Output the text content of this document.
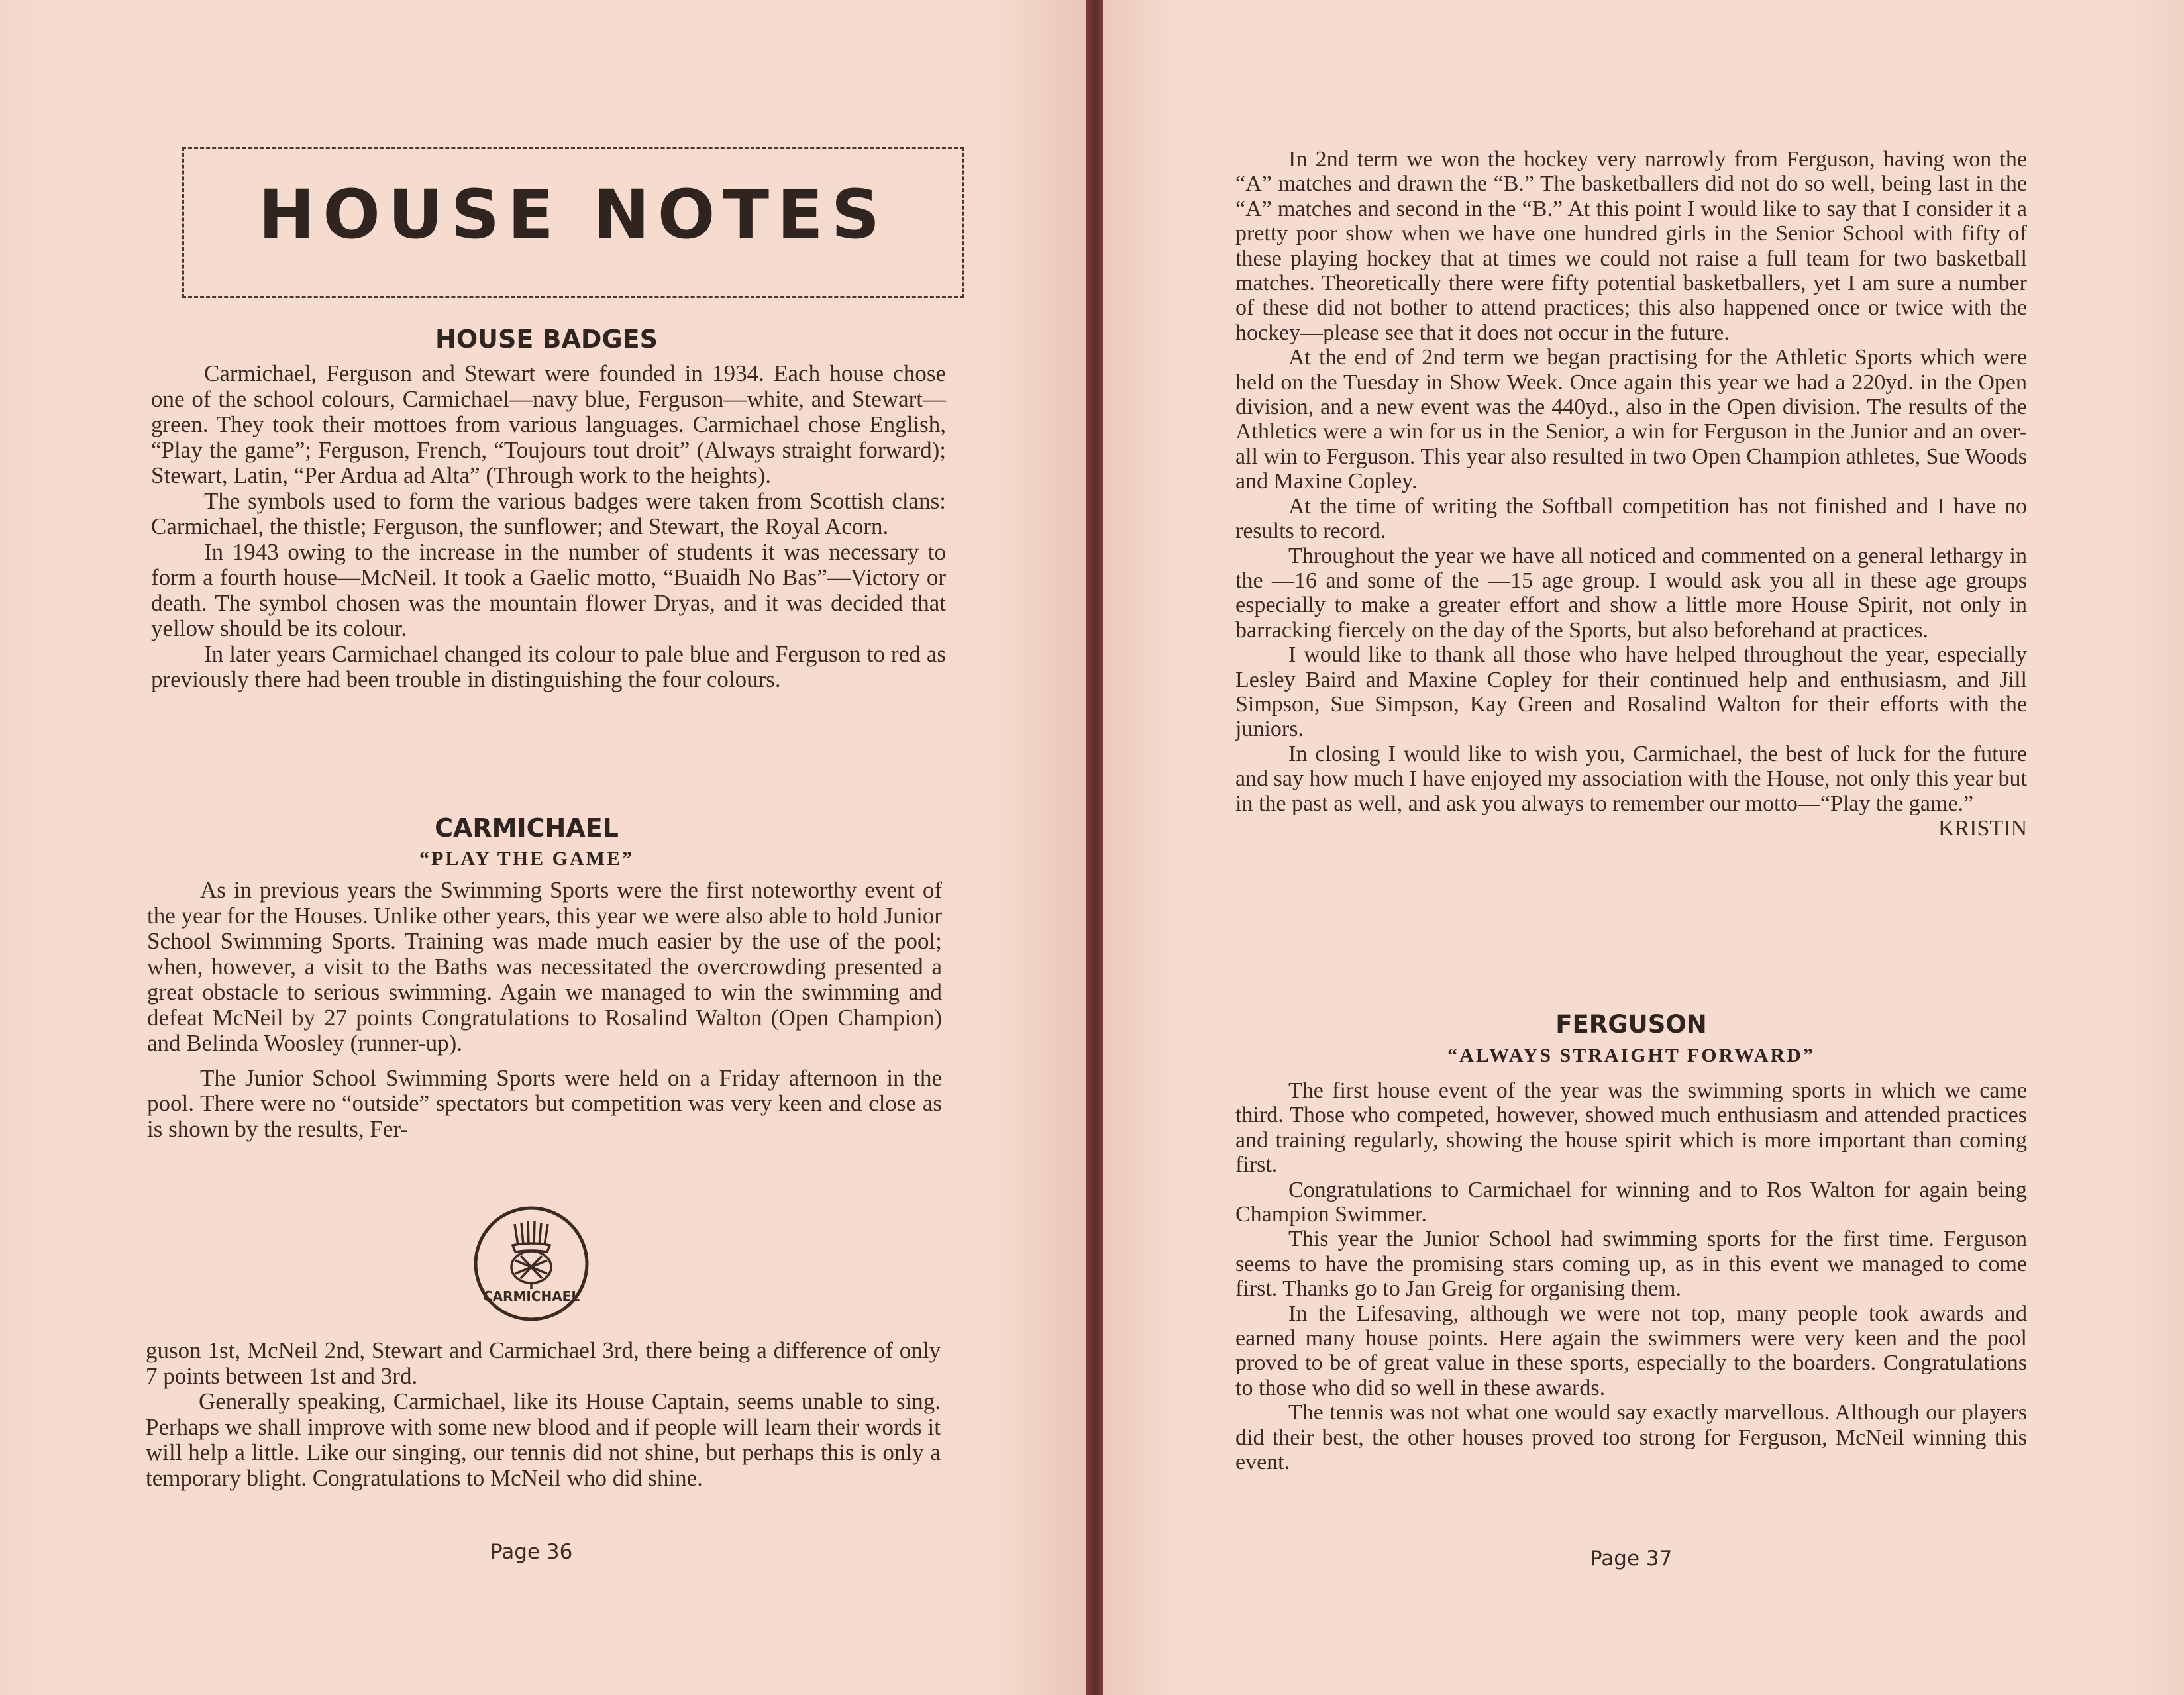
HOUSE NOTES
HOUSE BADGES

Carmichael, Ferguson and Stewart were founded in 1934. Each house chose one of the school colours, Carmichael—navy blue, Ferguson—white, and Stewart—green. They took their mottoes from various languages. Carmichael chose English, “Play the game”; Ferguson, French, “Toujours tout droit” (Always straight forward); Stewart, Latin, “Per Ardua ad Alta” (Through work to the heights).

The symbols used to form the various badges were taken from Scottish clans: Carmichael, the thistle; Ferguson, the sunflower; and Stewart, the Royal Acorn.

In 1943 owing to the increase in the number of students it was necessary to form a fourth house—McNeil. It took a Gaelic motto, “Buaidh No Bas”—Victory or death. The symbol chosen was the mountain flower Dryas, and it was decided that yellow should be its colour.

In later years Carmichael changed its colour to pale blue and Ferguson to red as previously there had been trouble in distinguishing the four colours.

CARMICHAEL
“PLAY THE GAME”

As in previous years the Swimming Sports were the first noteworthy event of the year for the Houses. Unlike other years, this year we were also able to hold Junior School Swimming Sports. Training was made much easier by the use of the pool; when, however, a visit to the Baths was necessitated the overcrowding presented a great obstacle to serious swimming. Again we managed to win the swimming and defeat McNeil by 27 points Congratulations to Rosalind Walton (Open Champion) and Belinda Woosley (runner-up).

The Junior School Swimming Sports were held on a Friday afternoon in the pool. There were no “outside” spectators but competition was very keen and close as is shown by the results, Fer-

CARMICHAEL

guson 1st, McNeil 2nd, Stewart and Carmichael 3rd, there being a difference of only 7 points between 1st and 3rd.

Generally speaking, Carmichael, like its House Captain, seems unable to sing. Perhaps we shall improve with some new blood and if people will learn their words it will help a little. Like our singing, our tennis did not shine, but perhaps this is only a temporary blight. Congratulations to McNeil who did shine.

Page 36

In 2nd term we won the hockey very narrowly from Ferguson, having won the “A” matches and drawn the “B.” The basketballers did not do so well, being last in the “A” matches and second in the “B.” At this point I would like to say that I consider it a pretty poor show when we have one hundred girls in the Senior School with fifty of these playing hockey that at times we could not raise a full team for two basketball matches. Theoretically there were fifty potential basketballers, yet I am sure a number of these did not bother to attend practices; this also happened once or twice with the hockey—please see that it does not occur in the future.

At the end of 2nd term we began practising for the Athletic Sports which were held on the Tuesday in Show Week. Once again this year we had a 220yd. in the Open division, and a new event was the 440yd., also in the Open division. The results of the Athletics were a win for us in the Senior, a win for Ferguson in the Junior and an over-all win to Ferguson. This year also resulted in two Open Champion athletes, Sue Woods and Maxine Copley.

At the time of writing the Softball competition has not finished and I have no results to record.

Throughout the year we have all noticed and commented on a general lethargy in the —16 and some of the —15 age group. I would ask you all in these age groups especially to make a greater effort and show a little more House Spirit, not only in barracking fiercely on the day of the Sports, but also beforehand at practices.

I would like to thank all those who have helped throughout the year, especially Lesley Baird and Maxine Copley for their continued help and enthusiasm, and Jill Simpson, Sue Simpson, Kay Green and Rosalind Walton for their efforts with the juniors.

In closing I would like to wish you, Carmichael, the best of luck for the future and say how much I have enjoyed my association with the House, not only this year but in the past as well, and ask you always to remember our motto—“Play the game.”

KRISTIN

FERGUSON
“ALWAYS STRAIGHT FORWARD”

The first house event of the year was the swimming sports in which we came third. Those who competed, however, showed much enthusiasm and attended practices and training regularly, showing the house spirit which is more important than coming first.

Congratulations to Carmichael for winning and to Ros Walton for again being Champion Swimmer.

This year the Junior School had swimming sports for the first time. Ferguson seems to have the promising stars coming up, as in this event we managed to come first. Thanks go to Jan Greig for organising them.

In the Lifesaving, although we were not top, many people took awards and earned many house points. Here again the swimmers were very keen and the pool proved to be of great value in these sports, especially to the boarders. Congratulations to those who did so well in these awards.

The tennis was not what one would say exactly marvellous. Although our players did their best, the other houses proved too strong for Ferguson, McNeil winning this event.

Page 37
